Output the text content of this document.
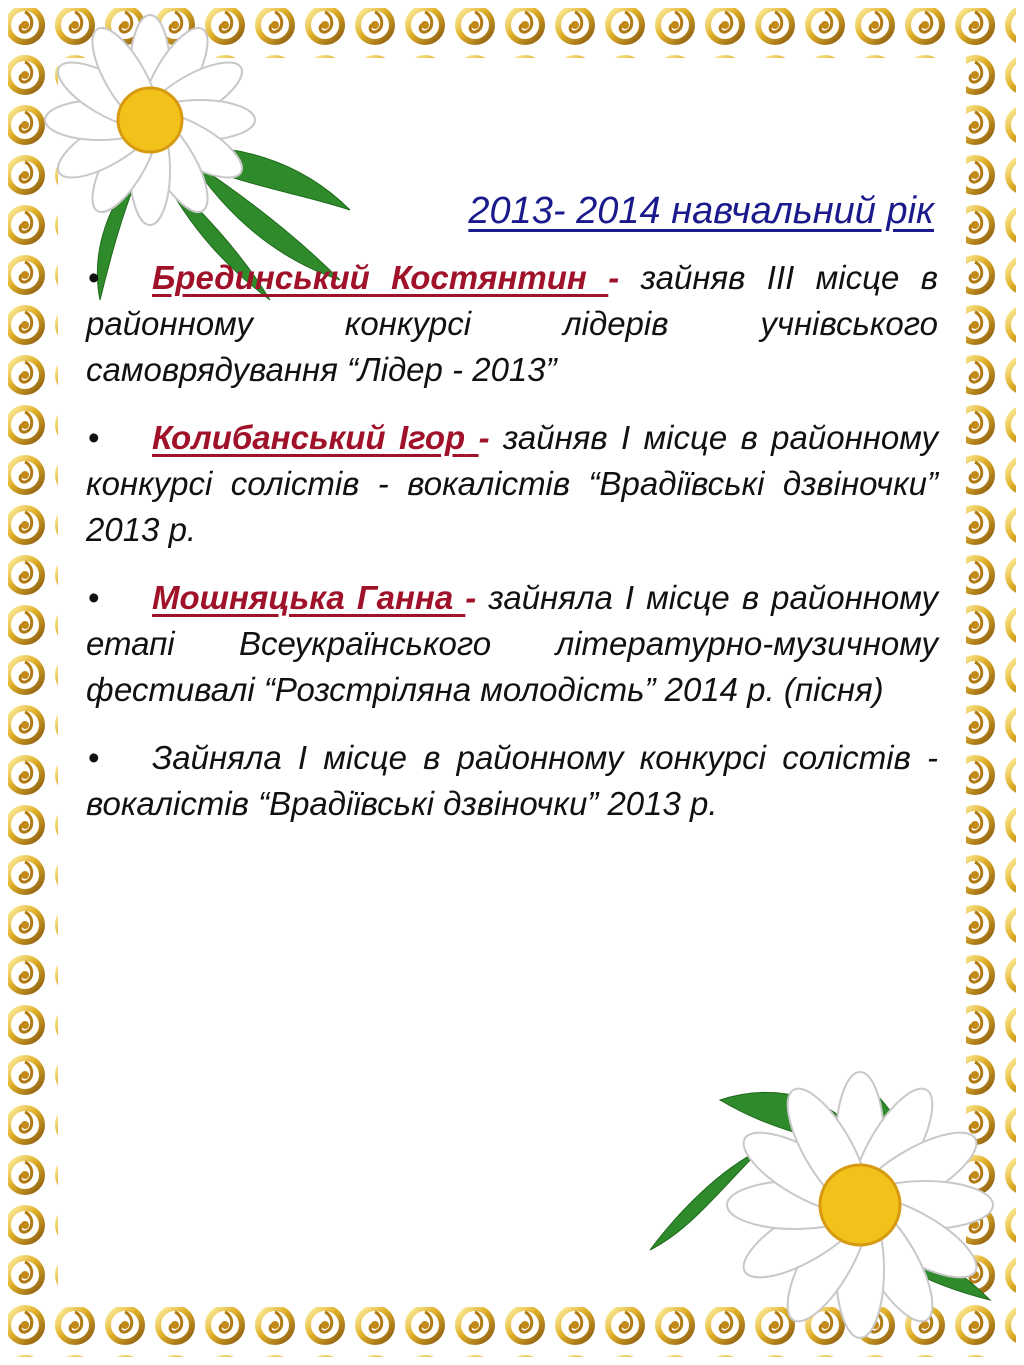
2013- 2014 навчальний рік
• Брединський Костянтин - зайняв ІІІ місце в районному конкурсі лідерів учнівського самоврядування “Лідер - 2013”
• Колибанський Ігор - зайняв І місце в районному конкурсі солістів - вокалістів “Врадіївські дзвіночки” 2013 р.
• Мошняцька Ганна - зайняла І місце в районному етапі Всеукраїнського літературно-музичному фестивалі “Розстріляна молодість” 2014 р. (пісня)
• Зайняла І місце в районному конкурсі солістів - вокалістів “Врадіївські дзвіночки” 2013 р.
